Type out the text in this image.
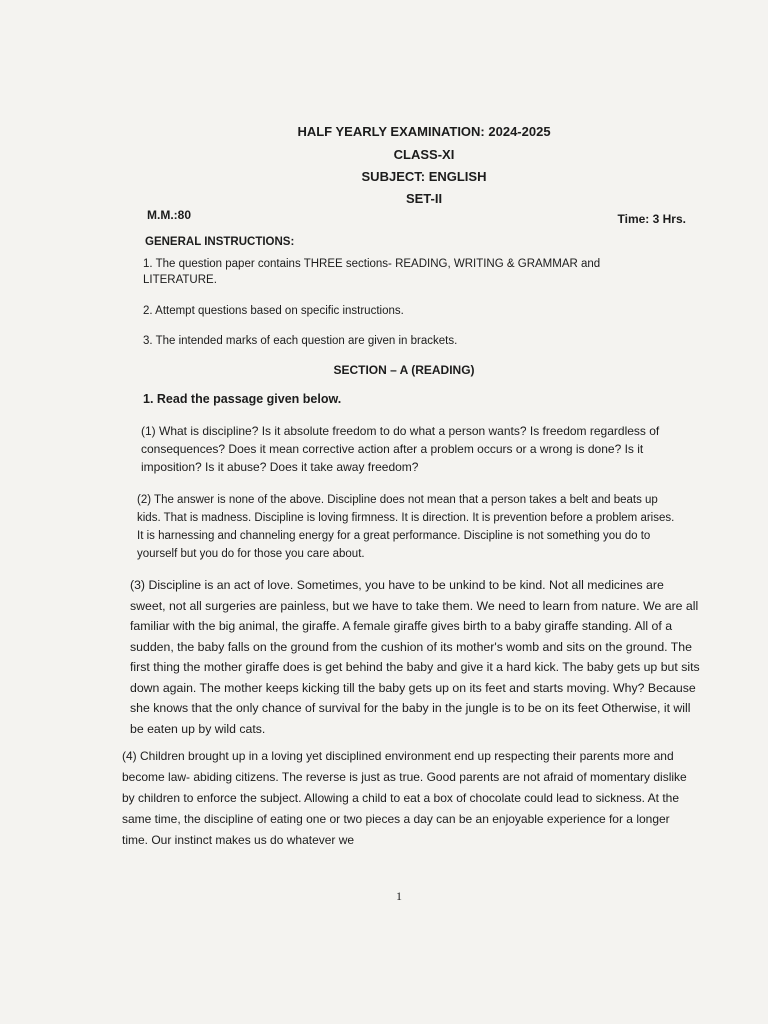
HALF YEARLY EXAMINATION: 2024-2025
CLASS-XI
SUBJECT: ENGLISH
SET-II
M.M.:80	Time: 3 Hrs.
GENERAL INSTRUCTIONS:
1. The question paper contains THREE sections- READING, WRITING & GRAMMAR and LITERATURE.
2. Attempt questions based on specific instructions.
3. The intended marks of each question are given in brackets.
SECTION – A (READING)
1. Read the passage given below.
(1) What is discipline? Is it absolute freedom to do what a person wants? Is freedom regardless of consequences? Does it mean corrective action after a problem occurs or a wrong is done? Is it imposition? Is it abuse? Does it take away freedom?
(2) The answer is none of the above. Discipline does not mean that a person takes a belt and beats up kids. That is madness. Discipline is loving firmness. It is direction. It is prevention before a problem arises. It is harnessing and channeling energy for a great performance. Discipline is not something you do to yourself but you do for those you care about.
(3) Discipline is an act of love. Sometimes, you have to be unkind to be kind. Not all medicines are sweet, not all surgeries are painless, but we have to take them. We need to learn from nature. We are all familiar with the big animal, the giraffe. A female giraffe gives birth to a baby giraffe standing. All of a sudden, the baby falls on the ground from the cushion of its mother's womb and sits on the ground. The first thing the mother giraffe does is get behind the baby and give it a hard kick. The baby gets up but sits down again. The mother keeps kicking till the baby gets up on its feet and starts moving. Why? Because she knows that the only chance of survival for the baby in the jungle is to be on its feet Otherwise, it will be eaten up by wild cats.
(4) Children brought up in a loving yet disciplined environment end up respecting their parents more and become law- abiding citizens. The reverse is just as true. Good parents are not afraid of momentary dislike by children to enforce the subject. Allowing a child to eat a box of chocolate could lead to sickness. At the same time, the discipline of eating one or two pieces a day can be an enjoyable experience for a longer time. Our instinct makes us do whatever we
1
